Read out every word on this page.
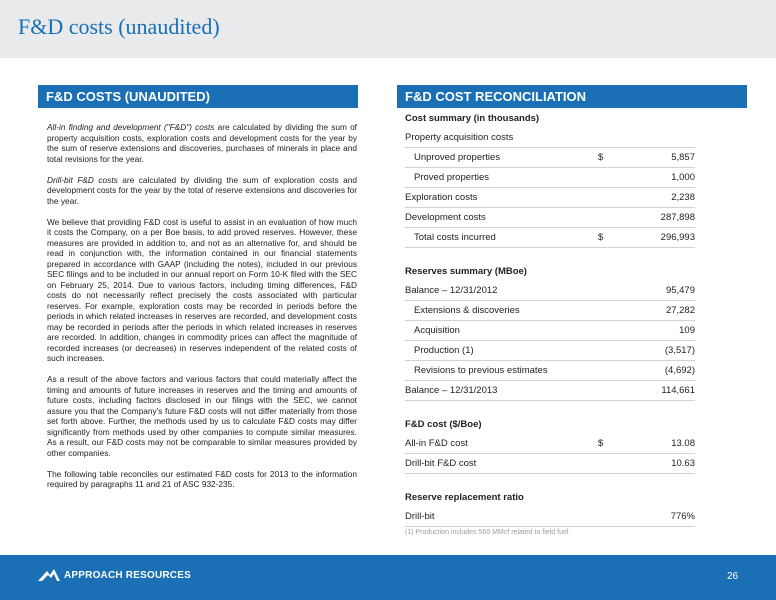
F&D costs (unaudited)
F&D COSTS (UNAUDITED)	F&D COST RECONCILIATION

All-in finding and development ("F&D") costs are calculated by dividing the sum of property acquisition costs, exploration costs and development costs for the year by the sum of reserve extensions and discoveries, purchases of minerals in place and total revisions for the year.

Drill-bit F&D costs are calculated by dividing the sum of exploration costs and development costs for the year by the total of reserve extensions and discoveries for the year.

We believe that providing F&D cost is useful to assist in an evaluation of how much it costs the Company, on a per Boe basis, to add proved reserves. However, these measures are provided in addition to, and not as an alternative for, and should be read in conjunction with, the information contained in our financial statements prepared in accordance with GAAP (including the notes), included in our previous SEC filings and to be included in our annual report on Form 10-K filed with the SEC on February 25, 2014. Due to various factors, including timing differences, F&D costs do not necessarily reflect precisely the costs associated with particular reserves. For example, exploration costs may be recorded in periods before the periods in which related increases in reserves are recorded, and development costs may be recorded in periods after the periods in which related increases in reserves are recorded. In addition, changes in commodity prices can affect the magnitude of recorded increases (or decreases) in reserves independent of the related costs of such increases.

As a result of the above factors and various factors that could materially affect the timing and amounts of future increases in reserves and the timing and amounts of future costs, including factors disclosed in our filings with the SEC, we cannot assure you that the Company's future F&D costs will not differ materially from those set forth above. Further, the methods used by us to calculate F&D costs may differ significantly from methods used by other companies to compute similar measures. As a result, our F&D costs may not be comparable to similar measures provided by other companies.

The following table reconciles our estimated F&D costs for 2013 to the information required by paragraphs 11 and 21 of ASC 932-235.

Cost summary (in thousands)
Property acquisition costs
Unproved properties	$	5,857
Proved properties	1,000
Exploration costs	2,238
Development costs	287,898
Total costs incurred	$	296,993
Reserves summary (MBoe)
Balance – 12/31/2012	95,479
Extensions & discoveries	27,282
Acquisition	109
Production (1)	(3,517)
Revisions to previous estimates	(4,692)
Balance – 12/31/2013	114,661
F&D cost ($/Boe)
All-in F&D cost	$	13.08
Drill-bit F&D cost	10.63
Reserve replacement ratio
Drill-bit	776%
(1) Production includes 560 MMcf related to field fuel.
APPROACH RESOURCES	26
